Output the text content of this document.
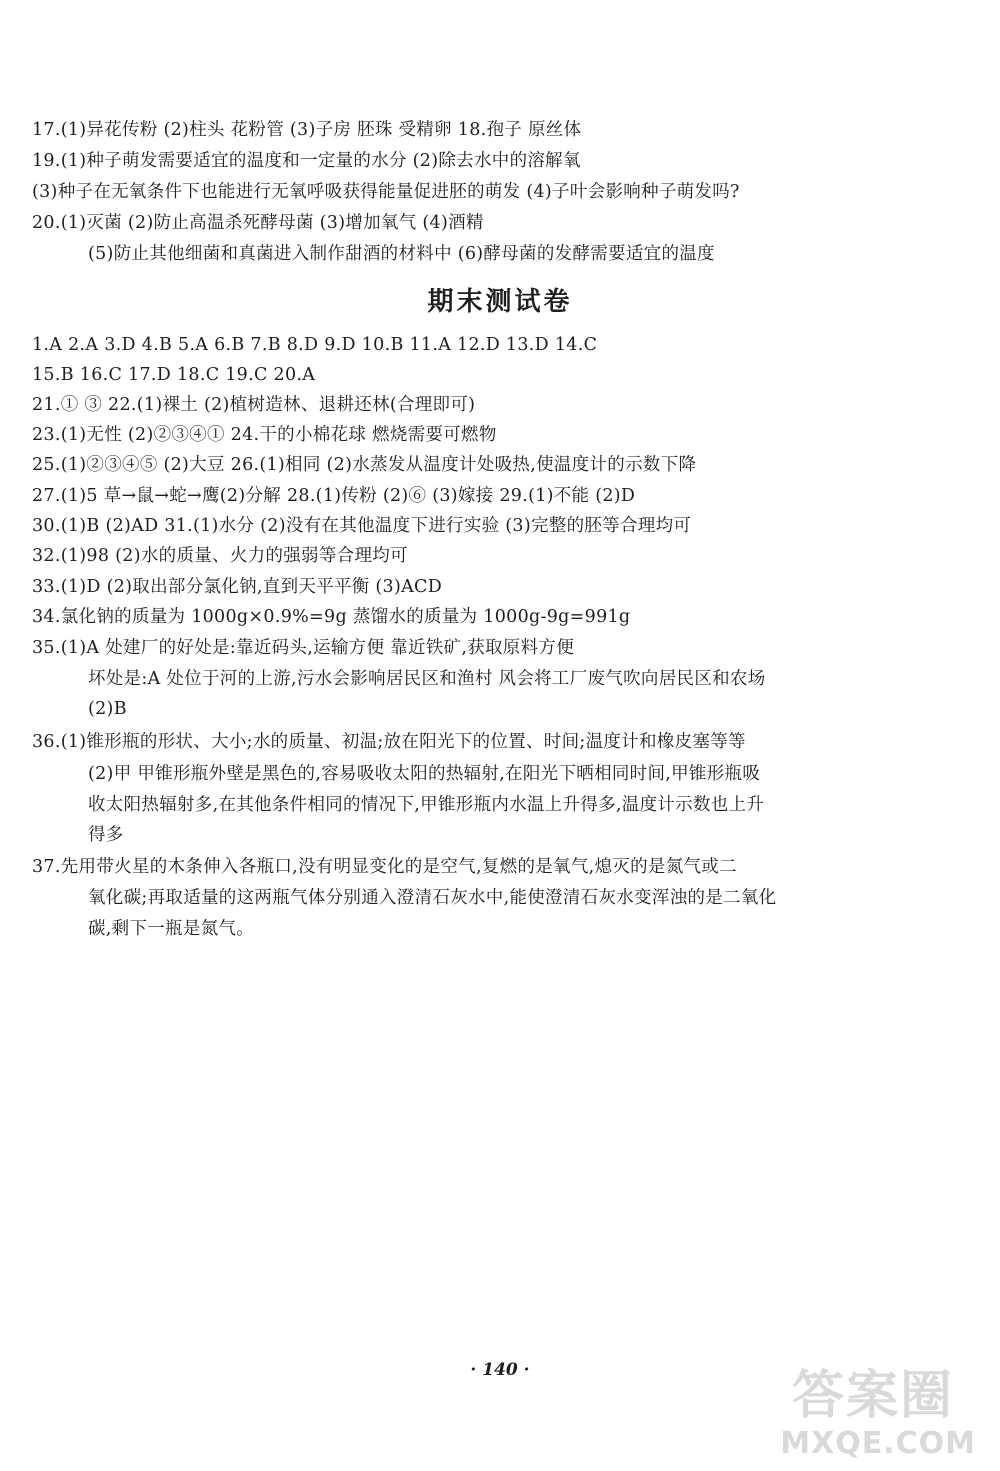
17.(1)异花传粉 (2)柱头 花粉管 (3)子房 胚珠 受精卵 18.孢子 原丝体
19.(1)种子萌发需要适宜的温度和一定量的水分 (2)除去水中的溶解氧
(3)种子在无氧条件下也能进行无氧呼吸获得能量促进胚的萌发 (4)子叶会影响种子萌发吗?
20.(1)灭菌 (2)防止高温杀死酵母菌 (3)增加氧气 (4)酒精
(5)防止其他细菌和真菌进入制作甜酒的材料中 (6)酵母菌的发酵需要适宜的温度
期末测试卷
1.A 2.A 3.D 4.B 5.A 6.B 7.B 8.D 9.D 10.B 11.A 12.D 13.D 14.C
15.B 16.C 17.D 18.C 19.C 20.A
21.① ③ 22.(1)裸土 (2)植树造林、退耕还林(合理即可)
23.(1)无性 (2)②③④① 24.干的小棉花球 燃烧需要可燃物
25.(1)②③④⑤ (2)大豆 26.(1)相同 (2)水蒸发从温度计处吸热,使温度计的示数下降
27.(1)5 草→鼠→蛇→鹰(2)分解 28.(1)传粉 (2)⑥ (3)嫁接 29.(1)不能 (2)D
30.(1)B (2)AD 31.(1)水分 (2)没有在其他温度下进行实验 (3)完整的胚等合理均可
32.(1)98 (2)水的质量、火力的强弱等合理均可
33.(1)D (2)取出部分氯化钠,直到天平平衡 (3)ACD
34.氯化钠的质量为 1000g×0.9%=9g 蒸馏水的质量为 1000g-9g=991g
35.(1)A 处建厂的好处是:靠近码头,运输方便 靠近铁矿,获取原料方便
坏处是:A 处位于河的上游,污水会影响居民区和渔村 风会将工厂废气吹向居民区和农场
(2)B
36.(1)锥形瓶的形状、大小;水的质量、初温;放在阳光下的位置、时间;温度计和橡皮塞等等
(2)甲 甲锥形瓶外壁是黑色的,容易吸收太阳的热辐射,在阳光下晒相同时间,甲锥形瓶吸
收太阳热辐射多,在其他条件相同的情况下,甲锥形瓶内水温上升得多,温度计示数也上升
得多
37.先用带火星的木条伸入各瓶口,没有明显变化的是空气,复燃的是氧气,熄灭的是氮气或二
氧化碳;再取适量的这两瓶气体分别通入澄清石灰水中,能使澄清石灰水变浑浊的是二氧化
碳,剩下一瓶是氮气。
· 140 ·	答案圈
MXQE.COM
